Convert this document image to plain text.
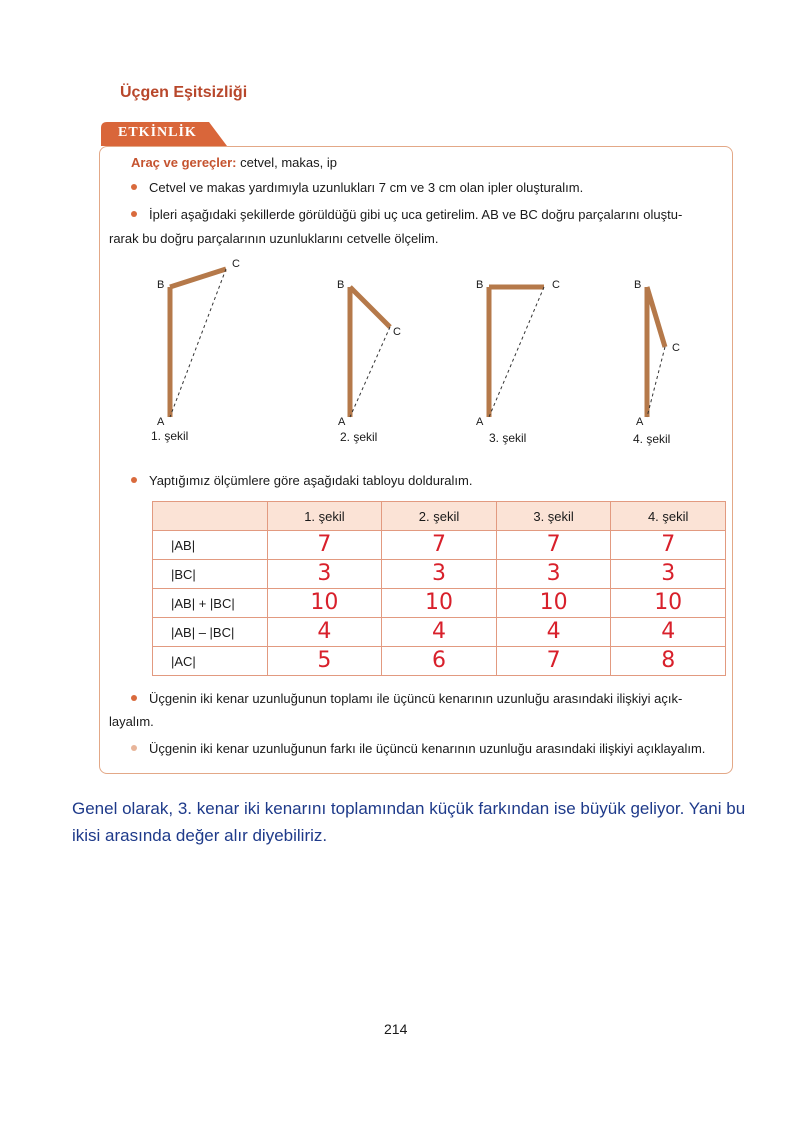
Üçgen Eşitsizliği
ETKİNLİK
Araç ve gereçler: cetvel, makas, ip
Cetvel ve makas yardımıyla uzunlukları 7 cm ve 3 cm olan ipler oluşturalım.
İpleri aşağıdaki şekillerde görüldüğü gibi uç uca getirelim. AB ve BC doğru parçalarını oluştu-
rarak bu doğru parçalarının uzunluklarını cetvelle ölçelim.
B
C
A
B
C
A
B	C
A
B
C
A
1. şekil	2. şekil	3. şekil	4. şekil
Yaptığımız ölçümlere göre aşağıdaki tabloyu dolduralım.
	1. şekil	2. şekil	3. şekil	4. şekil
|AB|	7	7	7	7
|BC|	3	3	3	3
|AB| + |BC|	10	10	10	10
|AB| – |BC|	4	4	4	4
|AC|	5	6	7	8
Üçgenin iki kenar uzunluğunun toplamı ile üçüncü kenarının uzunluğu arasındaki ilişkiyi açık-
layalım.
Üçgenin iki kenar uzunluğunun farkı ile üçüncü kenarının uzunluğu arasındaki ilişkiyi açıklayalım.
Genel olarak, 3. kenar iki kenarını toplamından küçük farkından ise büyük geliyor. Yani bu ikisi arasında değer alır diyebiliriz.
214
